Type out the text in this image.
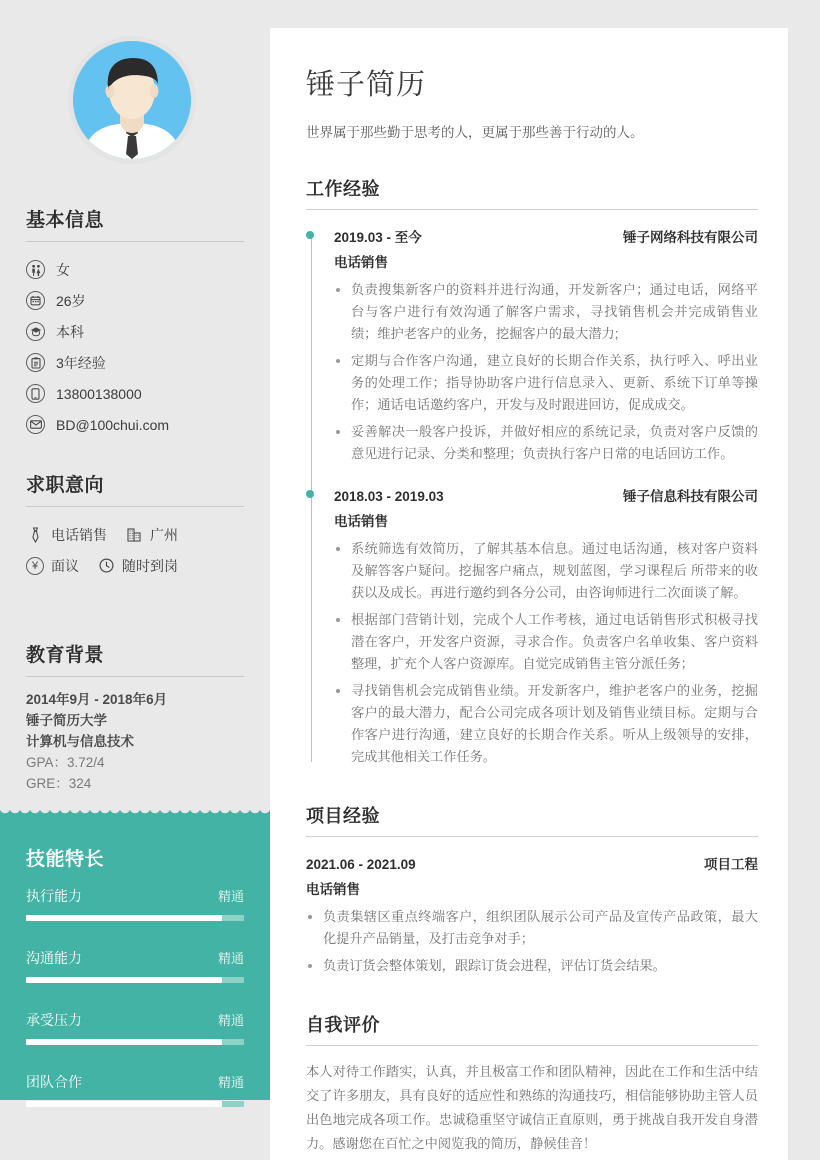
基本信息
女
26岁
本科
3年经验
13800138000
BD@100chui.com
求职意向
电话销售	广州
¥ 面议	随时到岗
教育背景
2014年9月 - 2018年6月
锤子简历大学
计算机与信息技术
GPA：3.72/4
GRE：324
技能特长
执行能力	精通
沟通能力	精通
承受压力	精通
团队合作	精通
锤子简历
世界属于那些勤于思考的人，更属于那些善于行动的人。
工作经验
2019.03 - 至今	锤子网络科技有限公司
电话销售
负责搜集新客户的资料并进行沟通，开发新客户；通过电话，网络平台与客户进行有效沟通了解客户需求，寻找销售机会并完成销售业绩；维护老客户的业务，挖掘客户的最大潜力;
定期与合作客户沟通，建立良好的长期合作关系，执行呼入、呼出业务的处理工作；指导协助客户进行信息录入、更新、系统下订单等操作；通话电话邀约客户，开发与及时跟进回访，促成成交。
妥善解决一般客户投诉，并做好相应的系统记录，负责对客户反馈的意见进行记录、分类和整理；负责执行客户日常的电话回访工作。
2018.03 - 2019.03	锤子信息科技有限公司
电话销售
系统筛选有效简历，了解其基本信息。通过电话沟通，核对客户资料及解答客户疑问。挖掘客户痛点，规划蓝图，学习课程后 所带来的收获以及成长。再进行邀约到各分公司，由咨询师进行二次面谈了解。
根据部门营销计划，完成个人工作考核，通过电话销售形式积极寻找潜在客户，开发客户资源，寻求合作。负责客户名单收集、客户资料整理，扩充个人客户资源库。自觉完成销售主管分派任务；
寻找销售机会完成销售业绩。开发新客户，维护老客户的业务，挖掘客户的最大潜力，配合公司完成各项计划及销售业绩目标。定期与合作客户进行沟通，建立良好的长期合作关系。听从上级领导的安排，完成其他相关工作任务。
项目经验
2021.06 - 2021.09	项目工程
电话销售
负责集辖区重点终端客户，组织团队展示公司产品及宣传产品政策，最大化提升产品销量，及打击竞争对手；
负责订货会整体策划，跟踪订货会进程，评估订货会结果。
自我评价

本人对待工作踏实，认真，并且极富工作和团队精神，因此在工作和生活中结交了许多朋友，具有良好的适应性和熟练的沟通技巧，相信能够协助主管人员出色地完成各项工作。忠诚稳重坚守诚信正直原则，勇于挑战自我开发自身潜力。感谢您在百忙之中阅览我的简历，静候佳音！
